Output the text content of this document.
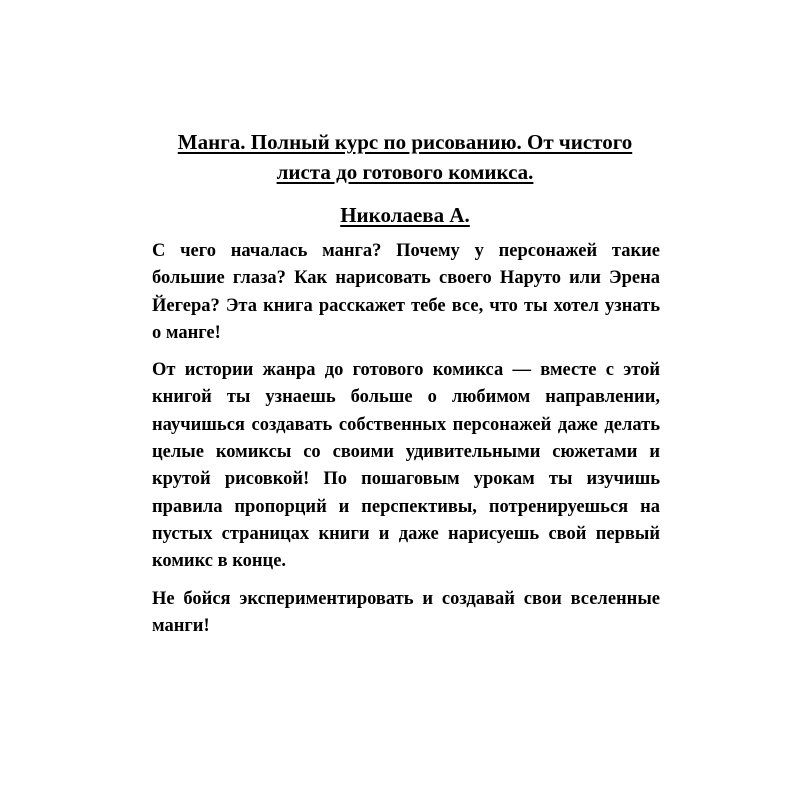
Манга. Полный курс по рисованию. От чистого листа до готового комикса.
Николаева А.

С чего началась манга? Почему у персонажей такие большие глаза? Как нарисовать своего Наруто или Эрена Йегера? Эта книга расскажет тебе все, что ты хотел узнать о манге!

От истории жанра до готового комикса — вместе с этой книгой ты узнаешь больше о любимом направлении, научишься создавать собственных персонажей даже делать целые комиксы со своими удивительными сюжетами и крутой рисовкой! По пошаговым урокам ты изучишь правила пропорций и перспективы, потренируешься на пустых страницах книги и даже нарисуешь свой первый комикс в конце.

Не бойся экспериментировать и создавай свои вселенные манги!
